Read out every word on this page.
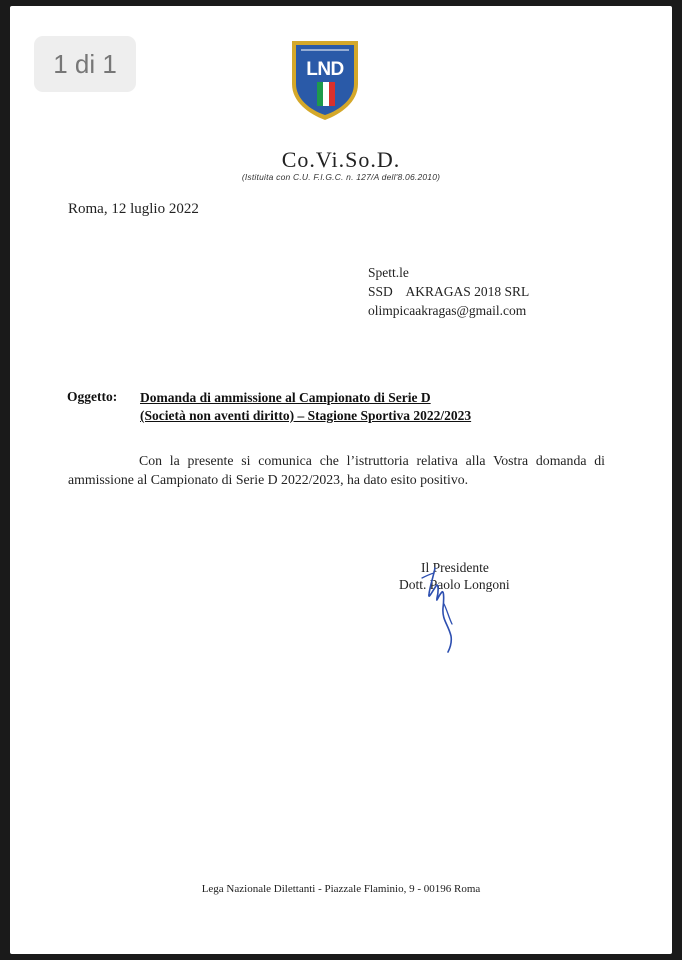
1 di 1	LND
Co.Vi.So.D.
(Istituita con C.U. F.I.G.C. n. 127/A dell'8.06.2010)
Roma, 12 luglio 2022
Spett.le
SSD    AKRAGAS 2018 SRL
olimpicaakragas@gmail.com
Oggetto: Domanda di ammissione al Campionato di Serie D
(Società non aventi diritto) – Stagione Sportiva 2022/2023
Con la presente si comunica che l’istruttoria relativa alla Vostra domanda di ammissione al Campionato di Serie D 2022/2023, ha dato esito positivo.
Il Presidente
Dott. Paolo Longoni
Lega Nazionale Dilettanti - Piazzale Flaminio, 9 - 00196 Roma
